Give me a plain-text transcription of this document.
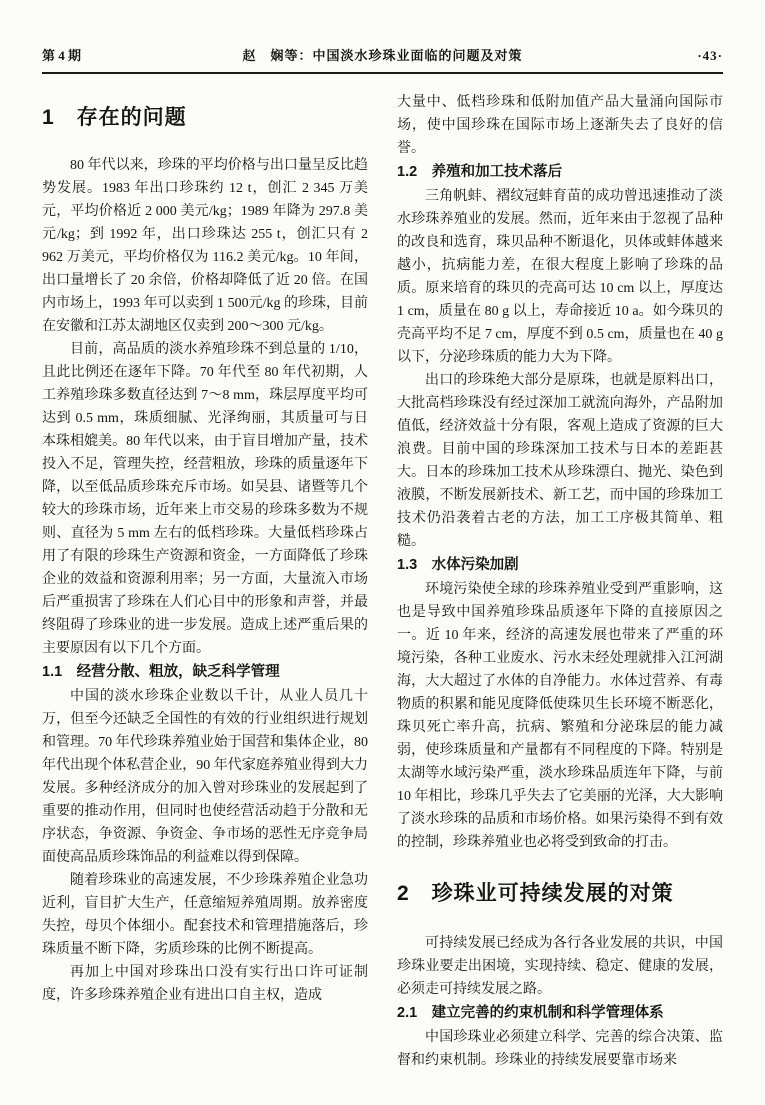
第 4 期	赵　娴等：中国淡水珍珠业面临的问题及对策	·43·
1　存在的问题

80 年代以来，珍珠的平均价格与出口量呈反比趋势发展。1983 年出口珍珠约 12 t，创汇 2 345 万美元，平均价格近 2 000 美元/kg；1989 年降为 297.8 美元/kg；到 1992 年，出口珍珠达 255 t，创汇只有 2 962 万美元，平均价格仅为 116.2 美元/kg。10 年间，出口量增长了 20 余倍，价格却降低了近 20 倍。在国内市场上，1993 年可以卖到 1 500元/kg 的珍珠，目前在安徽和江苏太湖地区仅卖到 200～300 元/kg。

目前，高品质的淡水养殖珍珠不到总量的 1/10，且此比例还在逐年下降。70 年代至 80 年代初期，人工养殖珍珠多数直径达到 7～8 mm，珠层厚度平均可达到 0.5 mm，珠质细腻、光泽绚丽，其质量可与日本珠相媲美。80 年代以来，由于盲目增加产量，技术投入不足，管理失控，经营粗放，珍珠的质量逐年下降，以至低品质珍珠充斥市场。如吴县、诸暨等几个较大的珍珠市场，近年来上市交易的珍珠多数为不规则、直径为 5 mm 左右的低档珍珠。大量低档珍珠占用了有限的珍珠生产资源和资金，一方面降低了珍珠企业的效益和资源利用率；另一方面，大量流入市场后严重损害了珍珠在人们心目中的形象和声誉，并最终阻碍了珍珠业的进一步发展。造成上述严重后果的主要原因有以下几个方面。

1.1　经营分散、粗放，缺乏科学管理

中国的淡水珍珠企业数以千计，从业人员几十万，但至今还缺乏全国性的有效的行业组织进行规划和管理。70 年代珍珠养殖业始于国营和集体企业，80 年代出现个体私营企业，90 年代家庭养殖业得到大力发展。多种经济成分的加入曾对珍珠业的发展起到了重要的推动作用，但同时也使经营活动趋于分散和无序状态，争资源、争资金、争市场的恶性无序竞争局面使高品质珍珠饰品的利益难以得到保障。

随着珍珠业的高速发展，不少珍珠养殖企业急功近利，盲目扩大生产，任意缩短养殖周期。放养密度失控，母贝个体细小。配套技术和管理措施落后，珍珠质量不断下降，劣质珍珠的比例不断提高。

再加上中国对珍珠出口没有实行出口许可证制度，许多珍珠养殖企业有进出口自主权，造成

大量中、低档珍珠和低附加值产品大量涌向国际市场，使中国珍珠在国际市场上逐渐失去了良好的信誉。

1.2　养殖和加工技术落后

三角帆蚌、褶纹冠蚌育苗的成功曾迅速推动了淡水珍珠养殖业的发展。然而，近年来由于忽视了品种的改良和选育，珠贝品种不断退化，贝体或蚌体越来越小，抗病能力差，在很大程度上影响了珍珠的品质。原来培育的珠贝的壳高可达 10 cm 以上，厚度达 1 cm，质量在 80 g 以上，寿命接近 10 a。如今珠贝的壳高平均不足 7 cm，厚度不到 0.5 cm，质量也在 40 g 以下，分泌珍珠质的能力大为下降。

出口的珍珠绝大部分是原珠，也就是原料出口，大批高档珍珠没有经过深加工就流向海外，产品附加值低，经济效益十分有限，客观上造成了资源的巨大浪费。目前中国的珍珠深加工技术与日本的差距甚大。日本的珍珠加工技术从珍珠漂白、抛光、染色到液膜，不断发展新技术、新工艺，而中国的珍珠加工技术仍沿袭着古老的方法，加工工序极其简单、粗糙。

1.3　水体污染加剧

环境污染使全球的珍珠养殖业受到严重影响，这也是导致中国养殖珍珠品质逐年下降的直接原因之一。近 10 年来，经济的高速发展也带来了严重的环境污染，各种工业废水、污水未经处理就排入江河湖海，大大超过了水体的自净能力。水体过营养、有毒物质的积累和能见度降低使珠贝生长环境不断恶化，珠贝死亡率升高，抗病、繁殖和分泌珠层的能力减弱，使珍珠质量和产量都有不同程度的下降。特别是太湖等水域污染严重，淡水珍珠品质连年下降，与前 10 年相比，珍珠几乎失去了它美丽的光泽，大大影响了淡水珍珠的品质和市场价格。如果污染得不到有效的控制，珍珠养殖业也必将受到致命的打击。

2　珍珠业可持续发展的对策

可持续发展已经成为各行各业发展的共识，中国珍珠业要走出困境，实现持续、稳定、健康的发展，必须走可持续发展之路。

2.1　建立完善的约束机制和科学管理体系

中国珍珠业必须建立科学、完善的综合决策、监督和约束机制。珍珠业的持续发展要靠市场来
